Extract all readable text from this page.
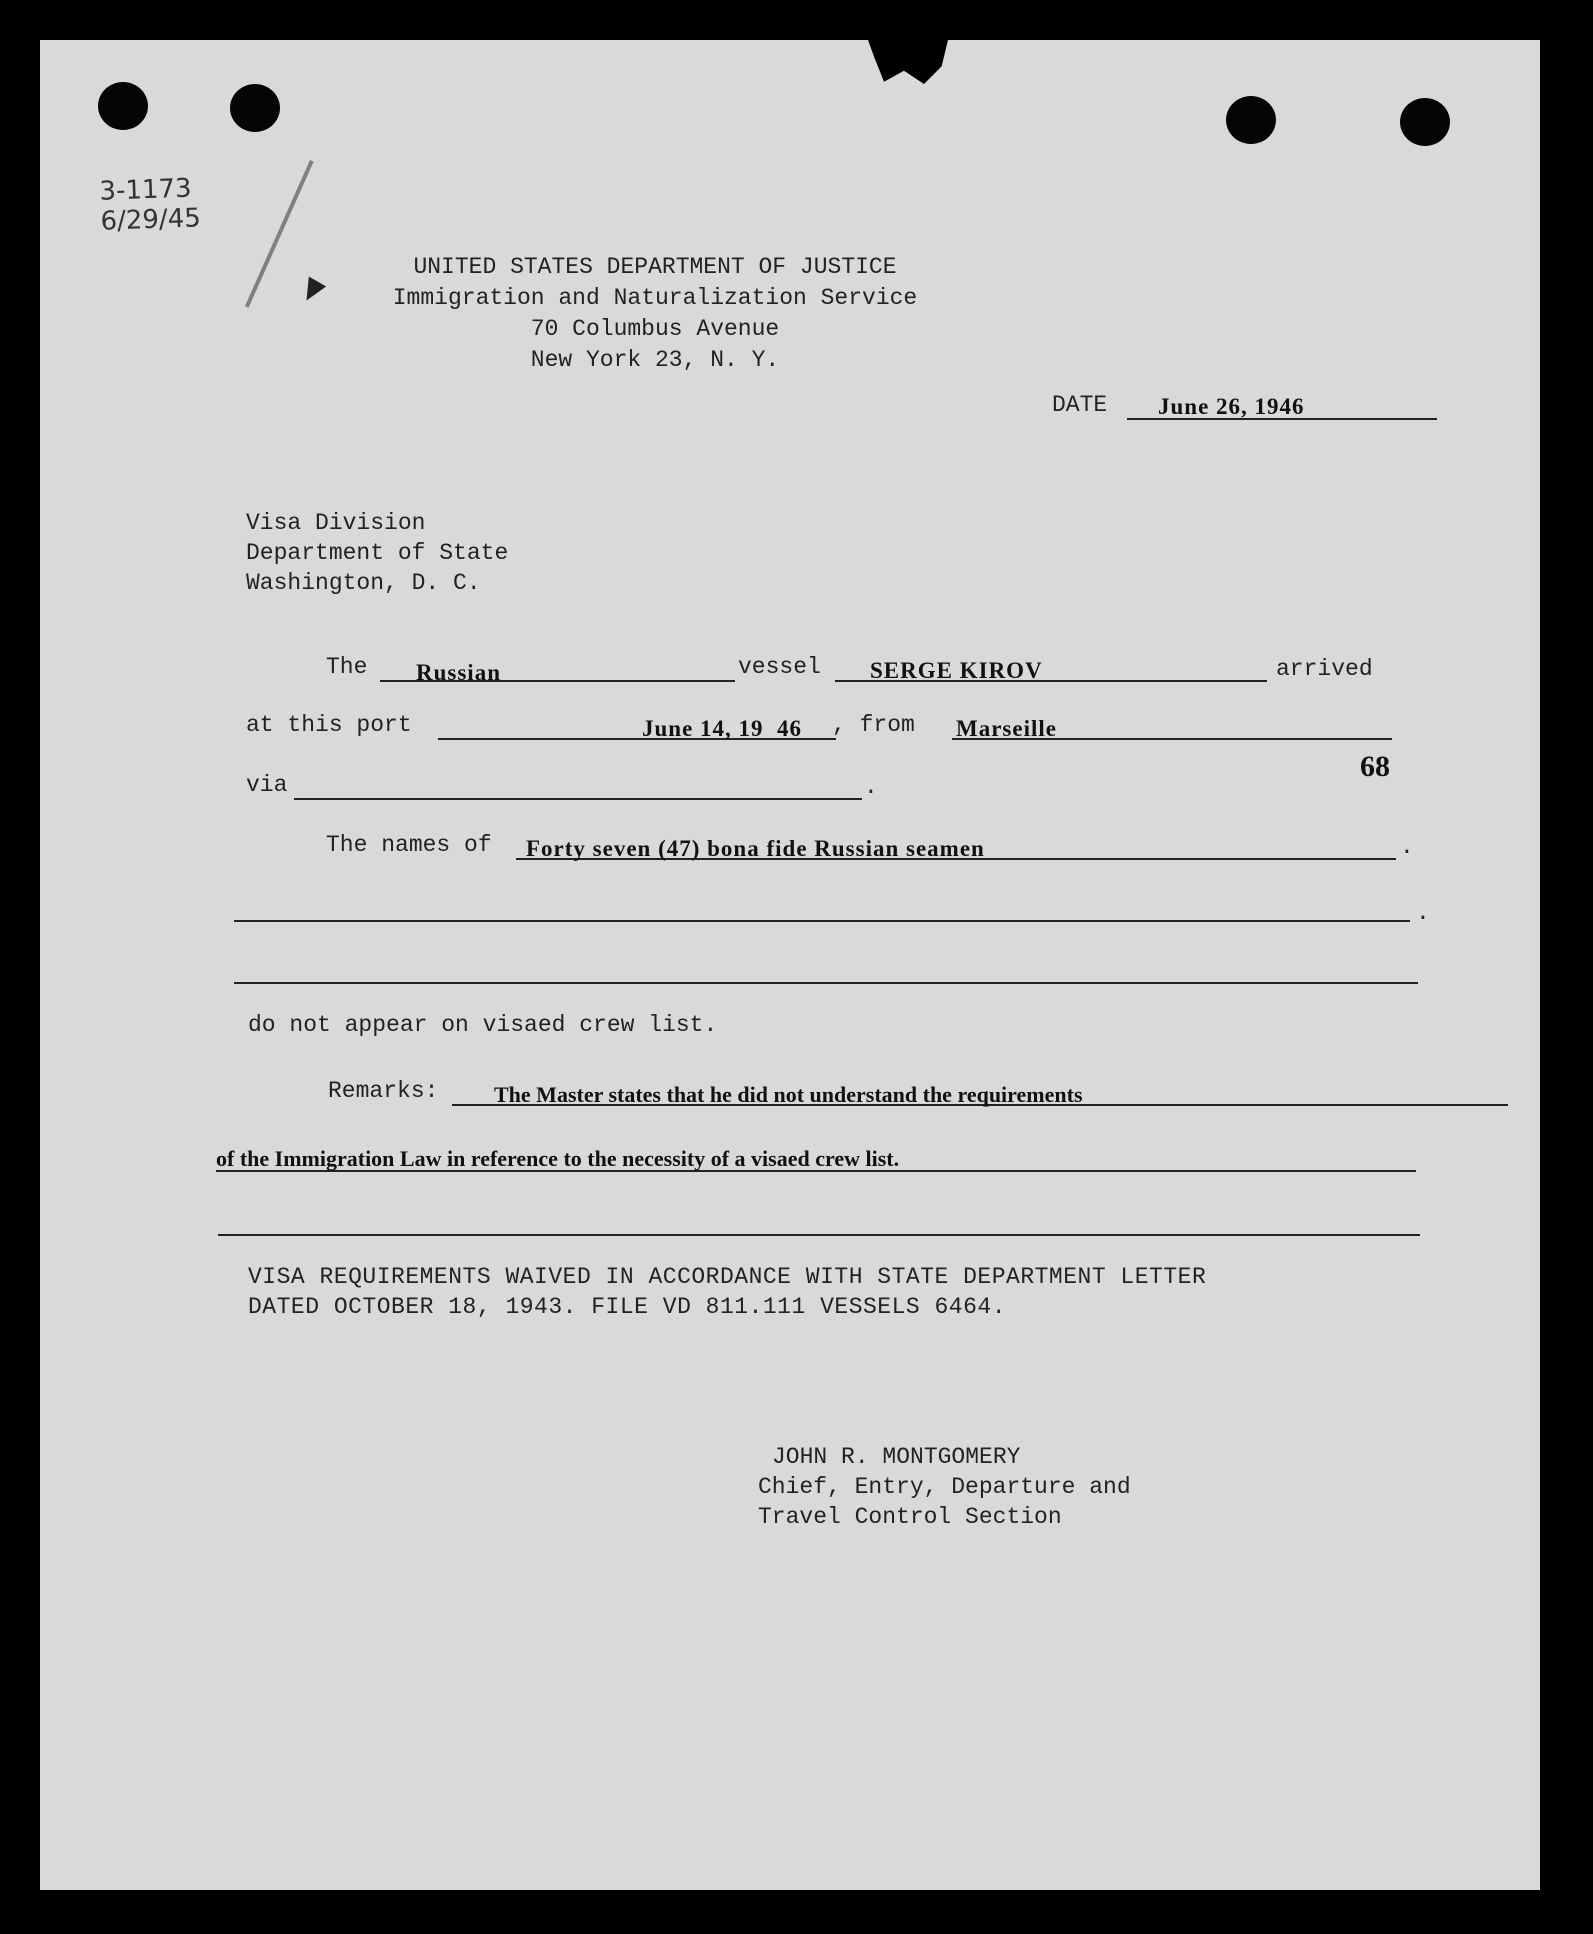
3-1173
6/29/45
UNITED STATES DEPARTMENT OF JUSTICE
Immigration and Naturalization Service
70 Columbus Avenue
New York 23, N. Y.
DATE June 26, 1946
Visa Division
Department of State
Washington, D. C.
The Russian	vessel SERGE KIROV	arrived
at this port	June 14, 19 46 , from Marseille
via	.
68
The names of Forty seven (47) bona fide Russian seamen	.
.
do not appear on visaed crew list.
Remarks:	The Master states that he did not understand the requirements
of the Immigration Law in reference to the necessity of a visaed crew list.
VISA REQUIREMENTS WAIVED IN ACCORDANCE WITH STATE DEPARTMENT LETTER
DATED OCTOBER 18, 1943. FILE VD 811.111 VESSELS 6464.
JOHN R. MONTGOMERY
Chief, Entry, Departure and
Travel Control Section
